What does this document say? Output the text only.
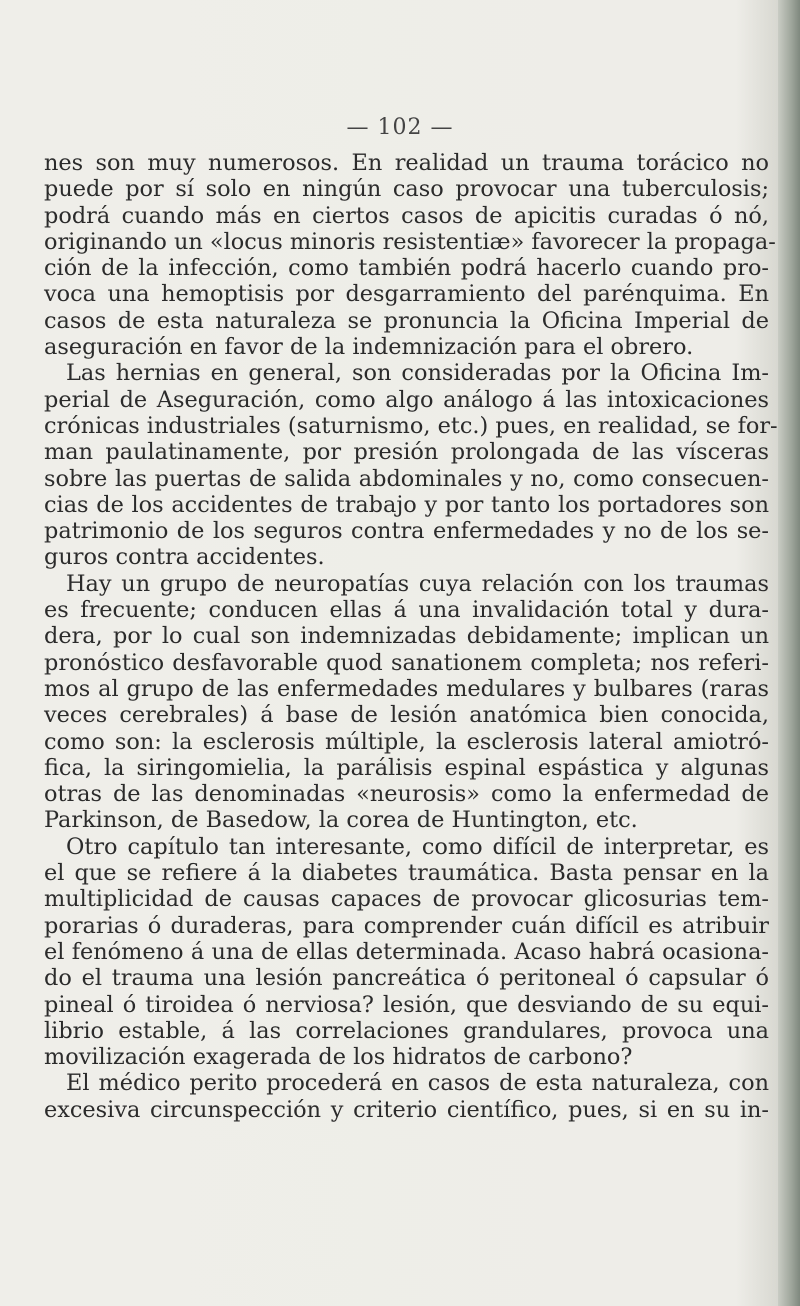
— 102 —
nes son muy numerosos. En realidad un trauma torácico no
puede por sí solo en ningún caso provocar una tuberculosis;
podrá cuando más en ciertos casos de apicitis curadas ó nó,
originando un «locus minoris resistentiæ» favorecer la propaga-
ción de la infección, como también podrá hacerlo cuando pro-
voca una hemoptisis por desgarramiento del parénquima. En
casos de esta naturaleza se pronuncia la Oficina Imperial de
aseguración en favor de la indemnización para el obrero.
Las hernias en general, son consideradas por la Oficina Im-
perial de Aseguración, como algo análogo á las intoxicaciones
crónicas industriales (saturnismo, etc.) pues, en realidad, se for-
man paulatinamente, por presión prolongada de las vísceras
sobre las puertas de salida abdominales y no, como consecuen-
cias de los accidentes de trabajo y por tanto los portadores son
patrimonio de los seguros contra enfermedades y no de los se-
guros contra accidentes.
Hay un grupo de neuropatías cuya relación con los traumas
es frecuente; conducen ellas á una invalidación total y dura-
dera, por lo cual son indemnizadas debidamente; implican un
pronóstico desfavorable quod sanationem completa; nos referi-
mos al grupo de las enfermedades medulares y bulbares (raras
veces cerebrales) á base de lesión anatómica bien conocida,
como son: la esclerosis múltiple, la esclerosis lateral amiotró-
fica, la siringomielia, la parálisis espinal espástica y algunas
otras de las denominadas «neurosis» como la enfermedad de
Parkinson, de Basedow, la corea de Huntington, etc.
Otro capítulo tan interesante, como difícil de interpretar, es
el que se refiere á la diabetes traumática. Basta pensar en la
multiplicidad de causas capaces de provocar glicosurias tem-
porarias ó duraderas, para comprender cuán difícil es atribuir
el fenómeno á una de ellas determinada. Acaso habrá ocasiona-
do el trauma una lesión pancreática ó peritoneal ó capsular ó
pineal ó tiroidea ó nerviosa? lesión, que desviando de su equi-
librio estable, á las correlaciones grandulares, provoca una
movilización exagerada de los hidratos de carbono?
El médico perito procederá en casos de esta naturaleza, con
excesiva circunspección y criterio científico, pues, si en su in-
